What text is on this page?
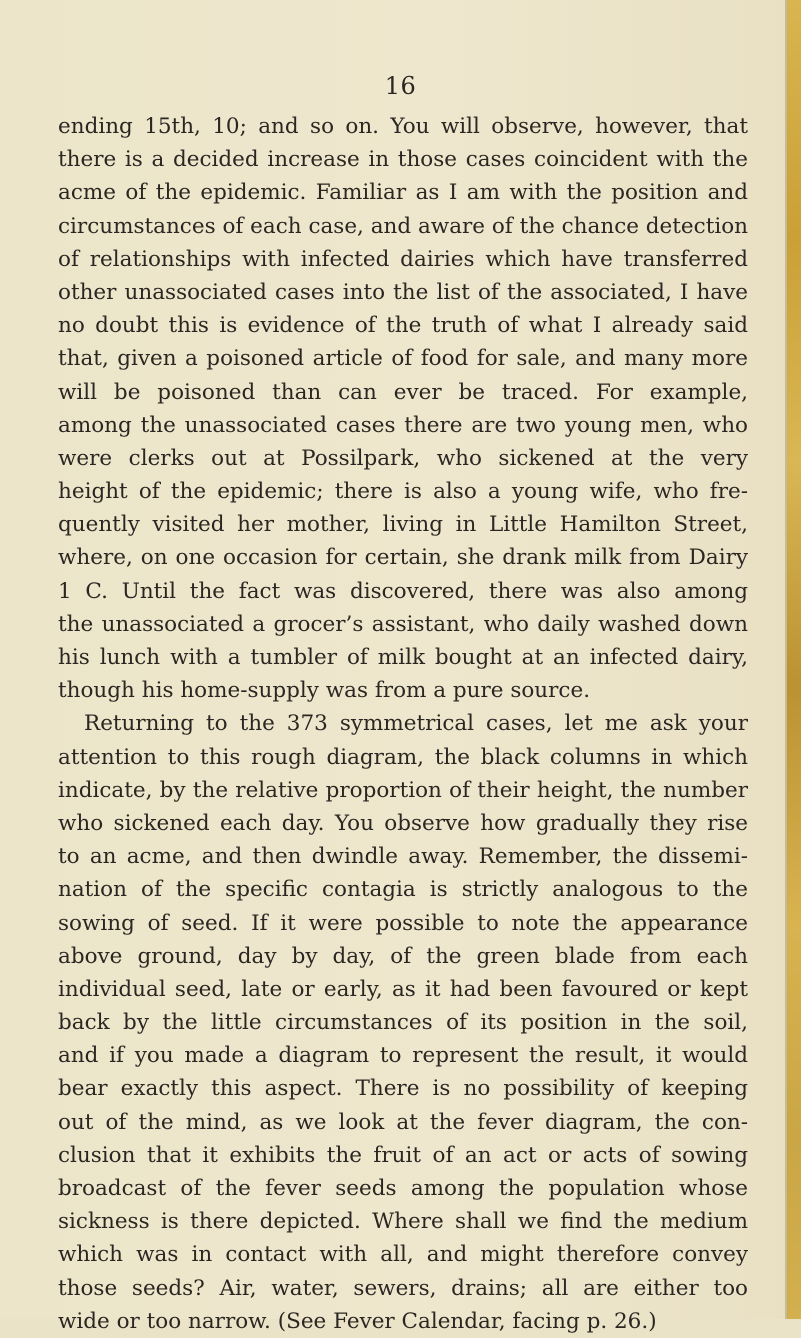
16
ending 15th, 10; and so on. You will observe, however, that
there is a decided increase in those cases coincident with the
acme of the epidemic. Familiar as I am with the position and
circumstances of each case, and aware of the chance detection
of relationships with infected dairies which have transferred
other unassociated cases into the list of the associated, I have
no doubt this is evidence of the truth of what I already said
that, given a poisoned article of food for sale, and many more
will be poisoned than can ever be traced. For example,
among the unassociated cases there are two young men, who
were clerks out at Possilpark, who sickened at the very
height of the epidemic; there is also a young wife, who fre-
quently visited her mother, living in Little Hamilton Street,
where, on one occasion for certain, she drank milk from Dairy
1 C. Until the fact was discovered, there was also among
the unassociated a grocer’s assistant, who daily washed down
his lunch with a tumbler of milk bought at an infected dairy,
though his home-supply was from a pure source.
Returning to the 373 symmetrical cases, let me ask your
attention to this rough diagram, the black columns in which
indicate, by the relative proportion of their height, the number
who sickened each day. You observe how gradually they rise
to an acme, and then dwindle away. Remember, the dissemi-
nation of the specific contagia is strictly analogous to the
sowing of seed. If it were possible to note the appearance
above ground, day by day, of the green blade from each
individual seed, late or early, as it had been favoured or kept
back by the little circumstances of its position in the soil,
and if you made a diagram to represent the result, it would
bear exactly this aspect. There is no possibility of keeping
out of the mind, as we look at the fever diagram, the con-
clusion that it exhibits the fruit of an act or acts of sowing
broadcast of the fever seeds among the population whose
sickness is there depicted. Where shall we find the medium
which was in contact with all, and might therefore convey
those seeds? Air, water, sewers, drains; all are either too
wide or too narrow. (See Fever Calendar, facing p. 26.)
